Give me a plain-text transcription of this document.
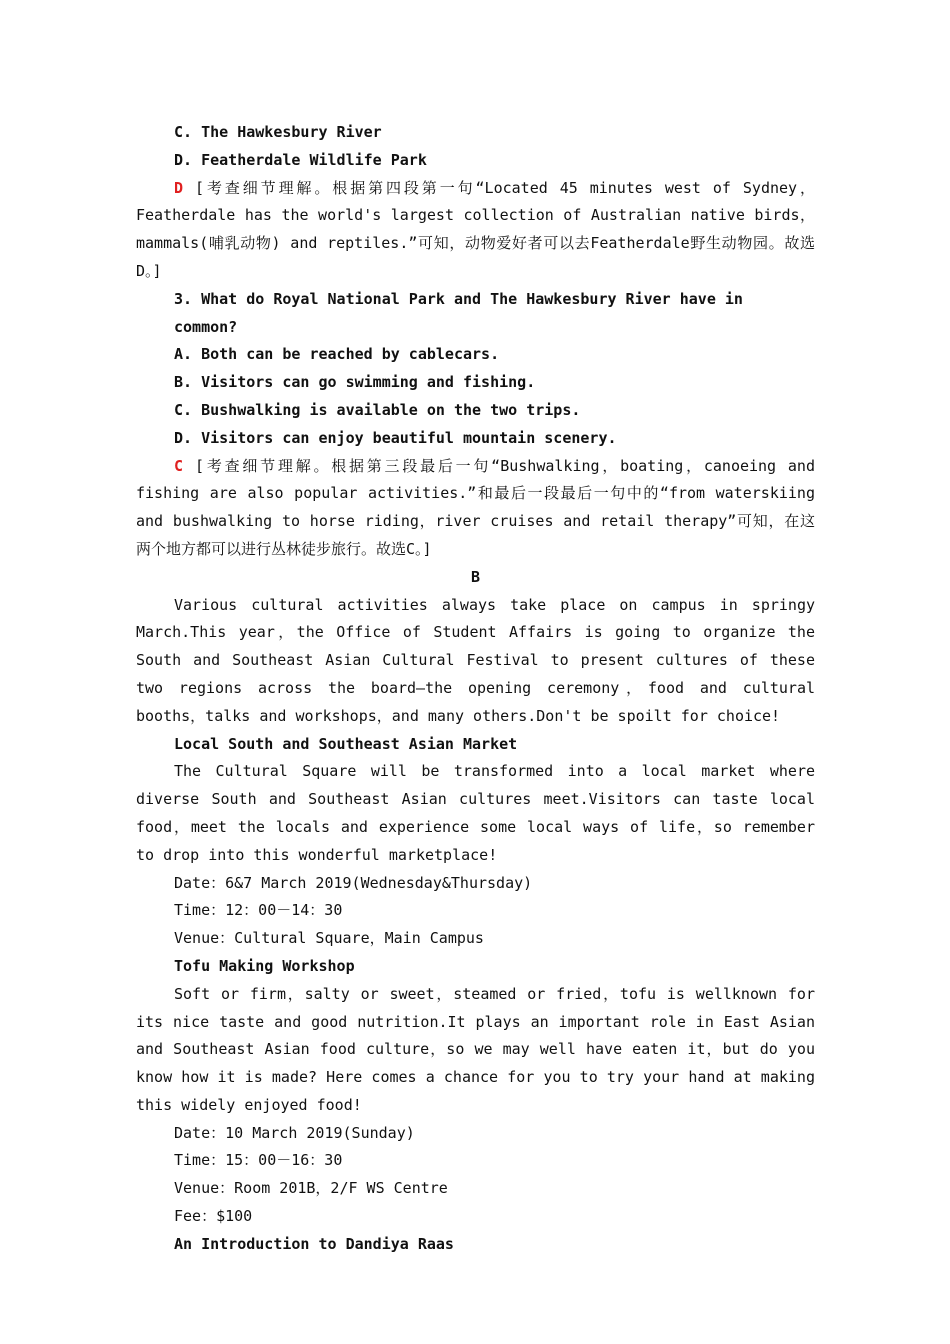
C. The Hawkesbury River

D. Featherdale Wildlife Park

D [考查细节理解。根据第四段第一句“Located 45 minutes west of Sydney，Featherdale has the world's largest collection of Australian native birds，mammals(哺乳动物) and reptiles.”可知，动物爱好者可以去Featherdale野生动物园。故选D。]

3. What do Royal National Park and The Hawkesbury River have in common?

A. Both can be reached by cablecars.

B. Visitors can go swimming and fishing.

C. Bushwalking is available on the two trips.

D. Visitors can enjoy beautiful mountain scenery.

C [考查细节理解。根据第三段最后一句“Bushwalking，boating，canoeing and fishing are also popular activities.”和最后一段最后一句中的“from waterskiing and bushwalking to horse riding，river cruises and retail therapy”可知，在这两个地方都可以进行丛林徒步旅行。故选C。]

B

Various cultural activities always take place on campus in springy March.This year，the Office of Student Affairs is going to organize the South and Southeast Asian Cultural Festival to present cultures of these two regions across the board—the opening ceremony，food and cultural booths，talks and workshops，and many others.Don't be spoilt for choice!

Local South and Southeast Asian Market

The Cultural Square will be transformed into a local market where diverse South and Southeast Asian cultures meet.Visitors can taste local food，meet the locals and experience some local ways of life，so remember to drop into this wonderful marketplace!

Date：6&7 March 2019(Wednesday&Thursday)

Time：12：00－14：30

Venue：Cultural Square，Main Campus

Tofu Making Workshop

Soft or firm，salty or sweet，steamed or fried，tofu is wellknown for its nice taste and good nutrition.It plays an important role in East Asian and Southeast Asian food culture，so we may well have eaten it，but do you know how it is made? Here comes a chance for you to try your hand at making this widely enjoyed food!

Date：10 March 2019(Sunday)

Time：15：00－16：30

Venue：Room 201B，2/F WS Centre

Fee：$100

An Introduction to Dandiya Raas
